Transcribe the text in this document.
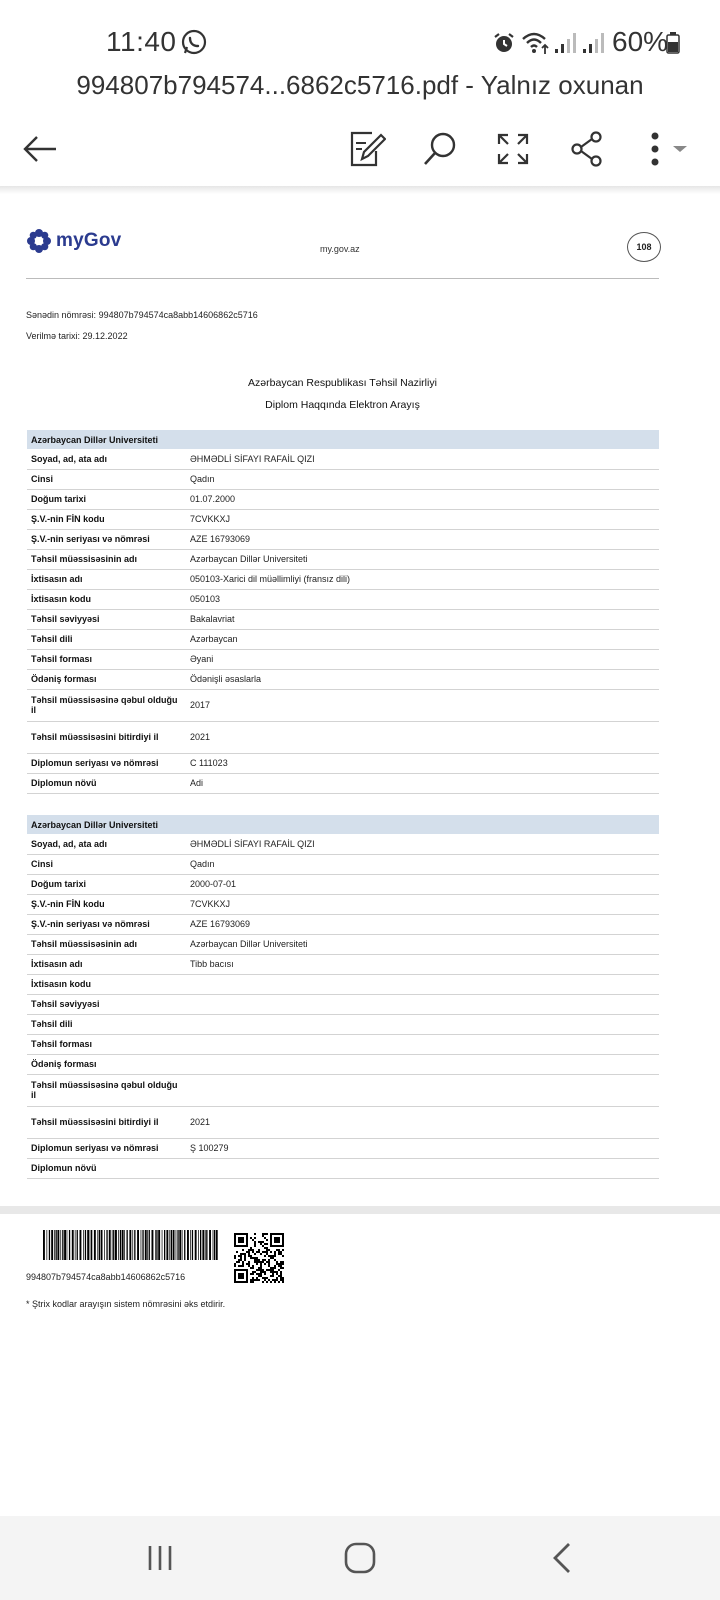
11:40	60%
994807b794574...6862c5716.pdf - Yalnız oxunan
myGov	my.gov.az	108
Sənədin nömrəsi: 994807b794574ca8abb14606862c5716
Verilmə tarixi: 29.12.2022
Azərbaycan Respublikası Təhsil Nazirliyi
Diplom Haqqında Elektron Arayış
Azərbaycan Dillər Universiteti	
Soyad, ad, ata adı	ƏHMƏDLİ SİFAYI RAFAİL QIZI
Cinsi	Qadın
Doğum tarixi	01.07.2000
Ş.V.-nin FİN kodu	7CVKKXJ
Ş.V.-nin seriyası və nömrəsi	AZE 16793069
Təhsil müəssisəsinin adı	Azərbaycan Dillər Universiteti
İxtisasın adı	050103-Xarici dil müəllimliyi (fransız dili)
İxtisasın kodu	050103
Təhsil səviyyəsi	Bakalavriat
Təhsil dili	Azərbaycan
Təhsil forması	Əyani
Ödəniş forması	Ödənişli əsaslarla
Təhsil müəssisəsinə qəbul olduğu il	2017
Təhsil müəssisəsini bitirdiyi il	2021
Diplomun seriyası və nömrəsi	C 111023
Diplomun növü	Adi
Azərbaycan Dillər Universiteti	
Soyad, ad, ata adı	ƏHMƏDLİ SİFAYI RAFAİL QIZI
Cinsi	Qadın
Doğum tarixi	2000-07-01
Ş.V.-nin FİN kodu	7CVKKXJ
Ş.V.-nin seriyası və nömrəsi	AZE 16793069
Təhsil müəssisəsinin adı	Azərbaycan Dillər Universiteti
İxtisasın adı	Tibb bacısı
İxtisasın kodu	
Təhsil səviyyəsi	
Təhsil dili	
Təhsil forması	
Ödəniş forması	
Təhsil müəssisəsinə qəbul olduğu il	
Təhsil müəssisəsini bitirdiyi il	2021
Diplomun seriyası və nömrəsi	Ş 100279
Diplomun növü	
994807b794574ca8abb14606862c5716
* Ştrix kodlar arayışın sistem nömrəsini əks etdirir.
